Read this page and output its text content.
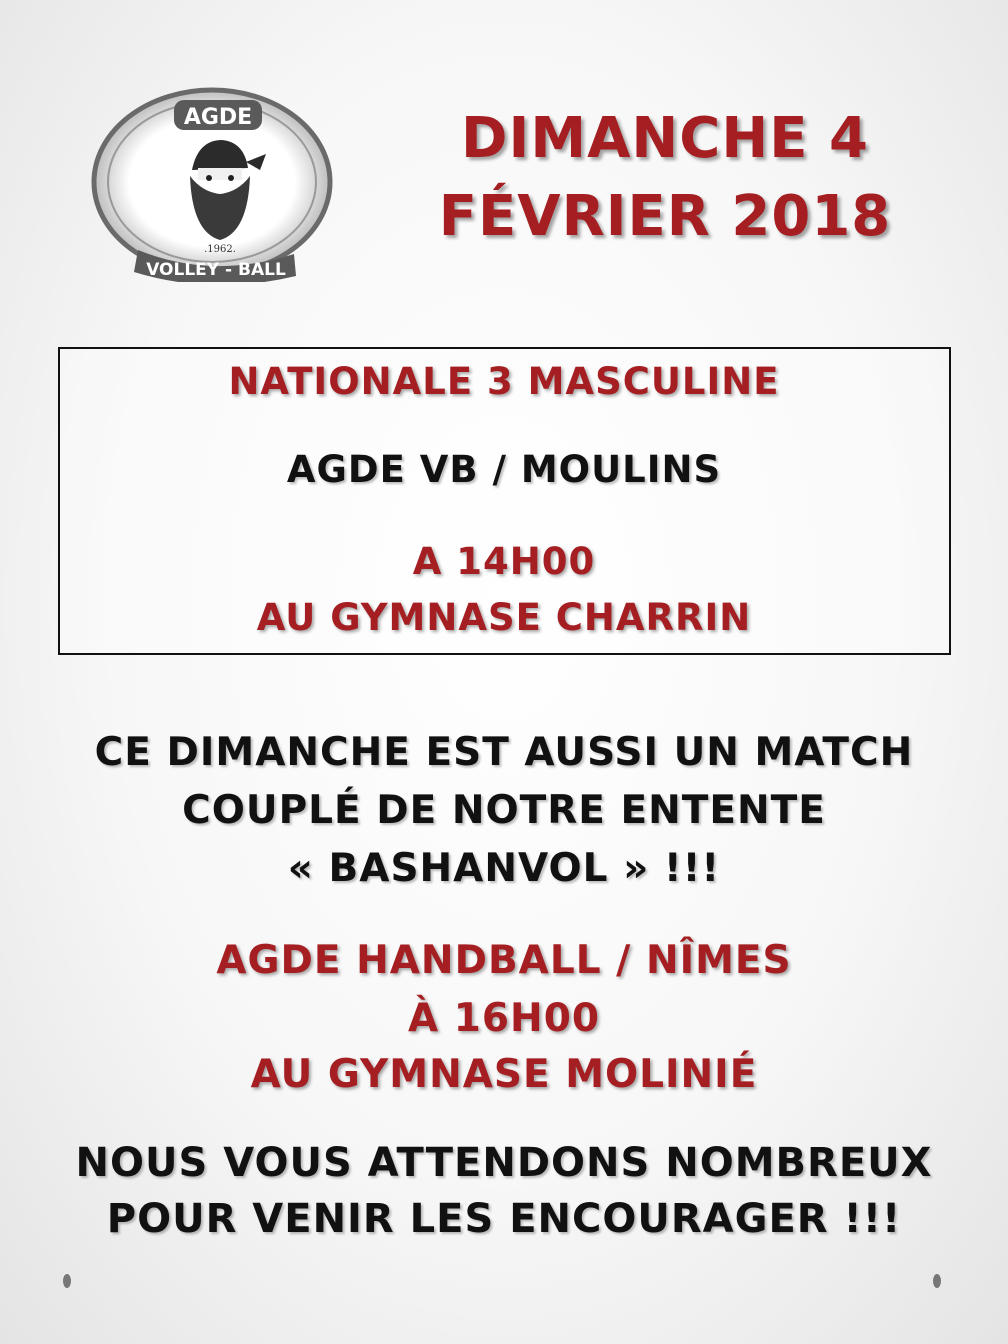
AGDE
.1962.
VOLLEY - BALL
DIMANCHE 4
FÉVRIER 2018
NATIONALE 3 MASCULINE
AGDE VB / MOULINS
A 14H00
AU GYMNASE CHARRIN
CE DIMANCHE EST AUSSI UN MATCH
COUPLÉ DE NOTRE ENTENTE
« BASHANVOL » !!!
AGDE HANDBALL / NÎMES
À 16H00
AU GYMNASE MOLINIÉ
NOUS VOUS ATTENDONS NOMBREUX
POUR VENIR LES ENCOURAGER !!!
